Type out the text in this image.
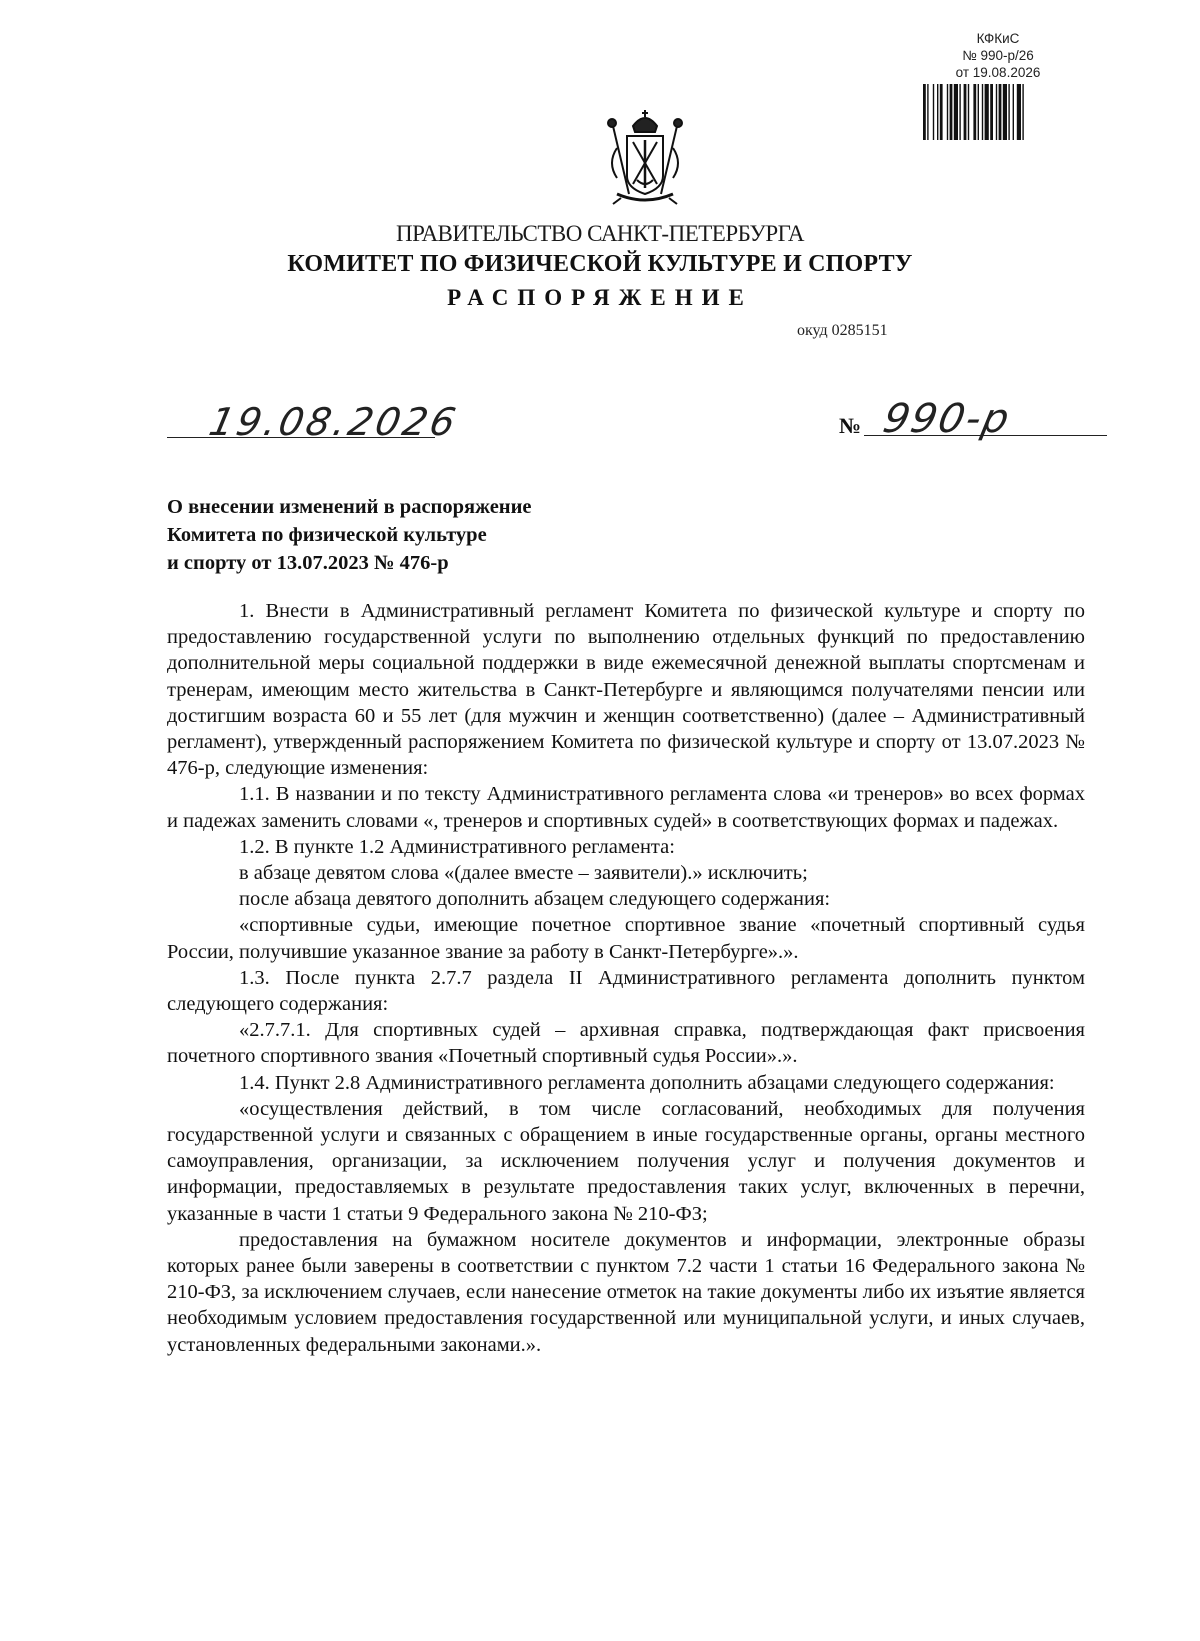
КФКиС
№ 990-р/26
от 19.08.2026
ПРАВИТЕЛЬСТВО САНКТ-ПЕТЕРБУРГА
КОМИТЕТ ПО ФИЗИЧЕСКОЙ КУЛЬТУРЕ И СПОРТУ
РАСПОРЯЖЕНИЕ
окуд 0285151
19.08.2026	№ 990-р
О внесении изменений в распоряжение
Комитета по физической культуре
и спорту от 13.07.2023 № 476-р

1. Внести в Административный регламент Комитета по физической культуре и спорту по предоставлению государственной услуги по выполнению отдельных функций по предоставлению дополнительной меры социальной поддержки в виде ежемесячной денежной выплаты спортсменам и тренерам, имеющим место жительства в Санкт-Петербурге и являющимся получателями пенсии или достигшим возраста 60 и 55 лет (для мужчин и женщин соответственно) (далее – Административный регламент), утвержденный распоряжением Комитета по физической культуре и спорту от 13.07.2023 № 476-р, следующие изменения:

1.1. В названии и по тексту Административного регламента слова «и тренеров» во всех формах и падежах заменить словами «, тренеров и спортивных судей» в соответствующих формах и падежах.

1.2. В пункте 1.2 Административного регламента:

в абзаце девятом слова «(далее вместе – заявители).» исключить;

после абзаца девятого дополнить абзацем следующего содержания:

«спортивные судьи, имеющие почетное спортивное звание «почетный спортивный судья России, получившие указанное звание за работу в Санкт-Петербурге».».

1.3. После пункта 2.7.7 раздела II Административного регламента дополнить пунктом следующего содержания:

«2.7.7.1. Для спортивных судей – архивная справка, подтверждающая факт присвоения почетного спортивного звания «Почетный спортивный судья России».».

1.4. Пункт 2.8 Административного регламента дополнить абзацами следующего содержания:

«осуществления действий, в том числе согласований, необходимых для получения государственной услуги и связанных с обращением в иные государственные органы, органы местного самоуправления, организации, за исключением получения услуг и получения документов и информации, предоставляемых в результате предоставления таких услуг, включенных в перечни, указанные в части 1 статьи 9 Федерального закона № 210-ФЗ;

предоставления на бумажном носителе документов и информации, электронные образы которых ранее были заверены в соответствии с пунктом 7.2 части 1 статьи 16 Федерального закона № 210-ФЗ, за исключением случаев, если нанесение отметок на такие документы либо их изъятие является необходимым условием предоставления государственной или муниципальной услуги, и иных случаев, установленных федеральными законами.».
